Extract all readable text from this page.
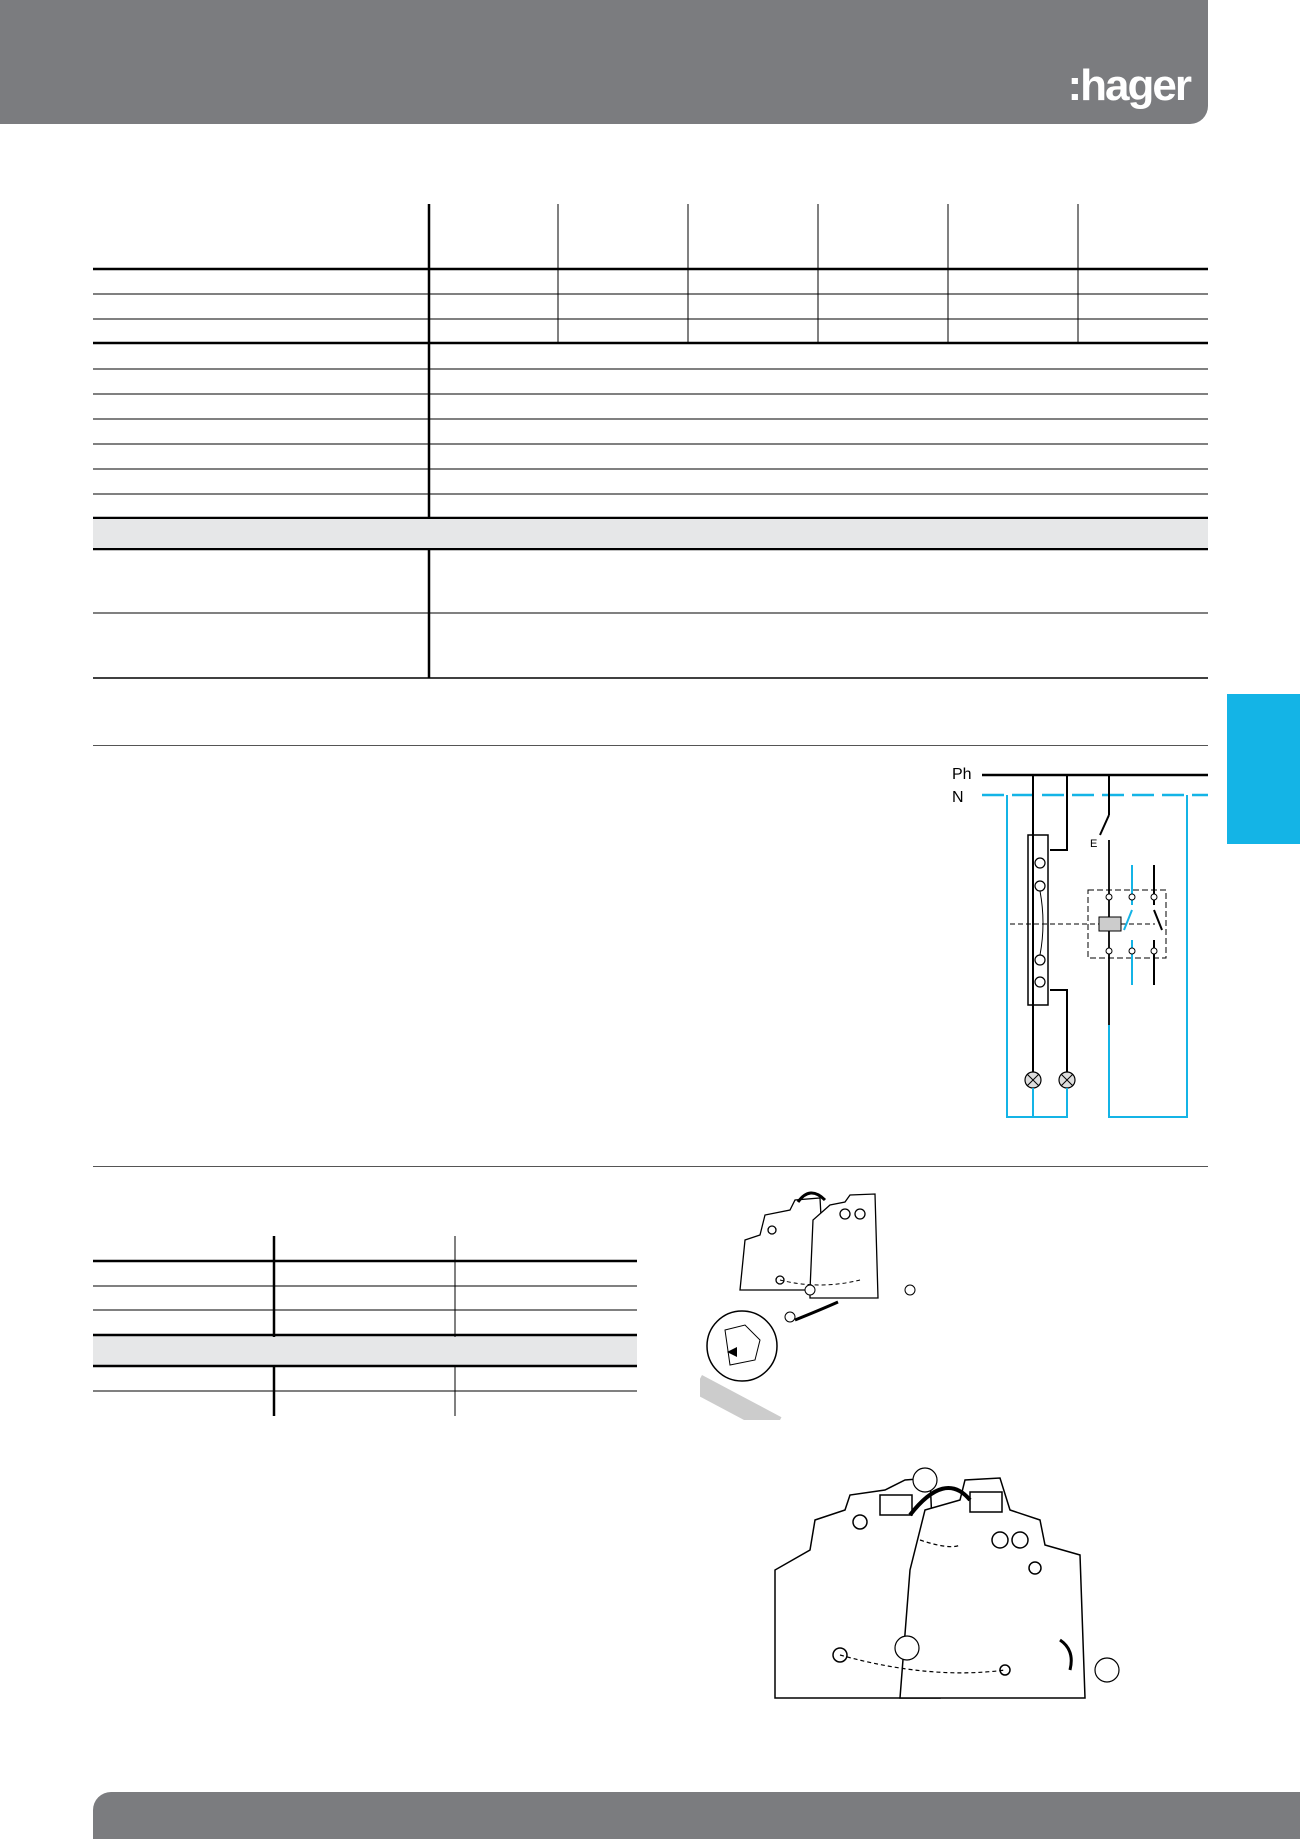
:hager
Ph
N
E
